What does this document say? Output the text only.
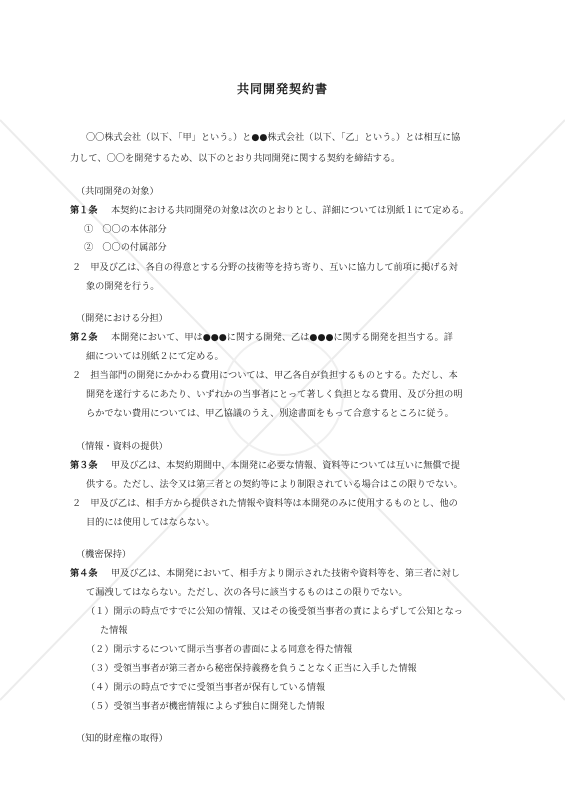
共同開発契約書
〇〇株式会社（以下、「甲」という。）と●●株式会社（以下、「乙」という。）とは相互に協
力して、〇〇を開発するため、以下のとおり共同開発に関する契約を締結する。
（共同開発の対象）
第１条 本契約における共同開発の対象は次のとおりとし、詳細については別紙１にて定める。
①　〇〇の本体部分
②　〇〇の付属部分
２　甲及び乙は、各自の得意とする分野の技術等を持ち寄り、互いに協力して前項に掲げる対
象の開発を行う。
（開発における分担）
第２条 本開発において、甲は●●●に関する開発、乙は●●●に関する開発を担当する。詳
細については別紙２にて定める。
２　担当部門の開発にかかわる費用については、甲乙各自が負担するものとする。ただし、本
開発を遂行するにあたり、いずれかの当事者にとって著しく負担となる費用、及び分担の明
らかでない費用については、甲乙協議のうえ、別途書面をもって合意するところに従う。
（情報・資料の提供）
第３条 甲及び乙は、本契約期間中、本開発に必要な情報、資料等については互いに無償で提
供する。ただし、法令又は第三者との契約等により制限されている場合はこの限りでない。
２　甲及び乙は、相手方から提供された情報や資料等は本開発のみに使用するものとし、他の
目的には使用してはならない。
（機密保持）
第４条 甲及び乙は、本開発において、相手方より開示された技術や資料等を、第三者に対し
て漏洩してはならない。ただし、次の各号に該当するものはこの限りでない。
（１）開示の時点ですでに公知の情報、又はその後受領当事者の責によらずして公知となっ
た情報
（２）開示するについて開示当事者の書面による同意を得た情報
（３）受領当事者が第三者から秘密保持義務を負うことなく正当に入手した情報
（４）開示の時点ですでに受領当事者が保有している情報
（５）受領当事者が機密情報によらず独自に開発した情報
（知的財産権の取得）
